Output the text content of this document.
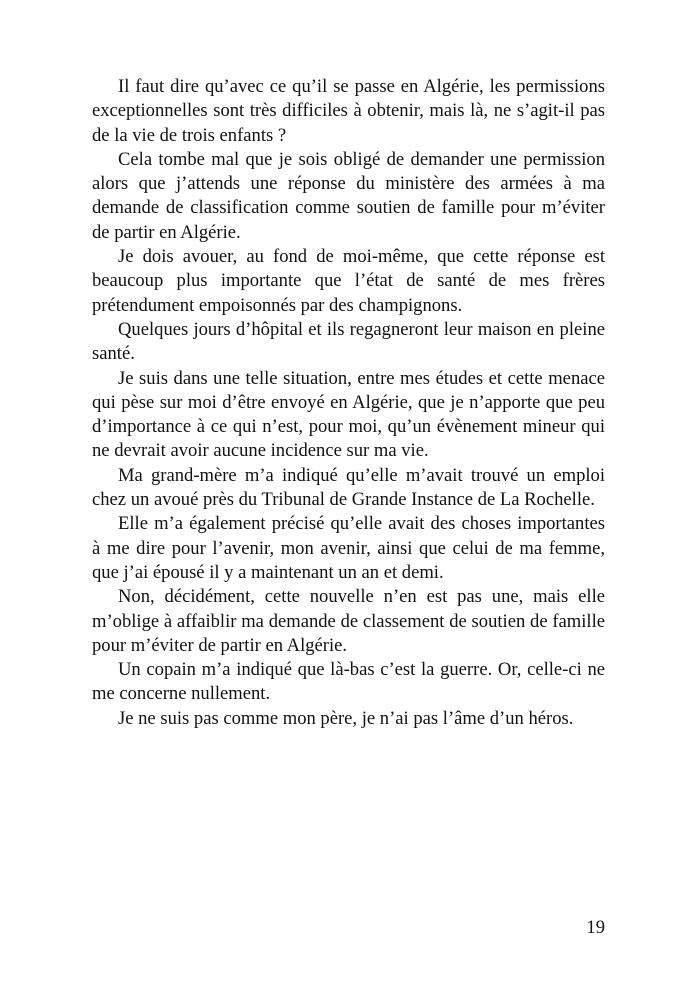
Il faut dire qu’avec ce qu’il se passe en Algérie, les permissions exceptionnelles sont très difficiles à obtenir, mais là, ne s’agit-il pas de la vie de trois enfants ?

Cela tombe mal que je sois obligé de demander une permission alors que j’attends une réponse du ministère des armées à ma demande de classification comme soutien de famille pour m’éviter de partir en Algérie.

Je dois avouer, au fond de moi-même, que cette réponse est beaucoup plus importante que l’état de santé de mes frères prétendument empoisonnés par des champignons.

Quelques jours d’hôpital et ils regagneront leur maison en pleine santé.

Je suis dans une telle situation, entre mes études et cette menace qui pèse sur moi d’être envoyé en Algérie, que je n’apporte que peu d’importance à ce qui n’est, pour moi, qu’un évènement mineur qui ne devrait avoir aucune incidence sur ma vie.

Ma grand-mère m’a indiqué qu’elle m’avait trouvé un emploi chez un avoué près du Tribunal de Grande Instance de La Rochelle.

Elle m’a également précisé qu’elle avait des choses importantes à me dire pour l’avenir, mon avenir, ainsi que celui de ma femme, que j’ai épousé il y a maintenant un an et demi.

Non, décidément, cette nouvelle n’en est pas une, mais elle m’oblige à affaiblir ma demande de classement de soutien de famille pour m’éviter de partir en Algérie.

Un copain m’a indiqué que là-bas c’est la guerre. Or, celle-ci ne me concerne nullement.

Je ne suis pas comme mon père, je n’ai pas l’âme d’un héros.

19
